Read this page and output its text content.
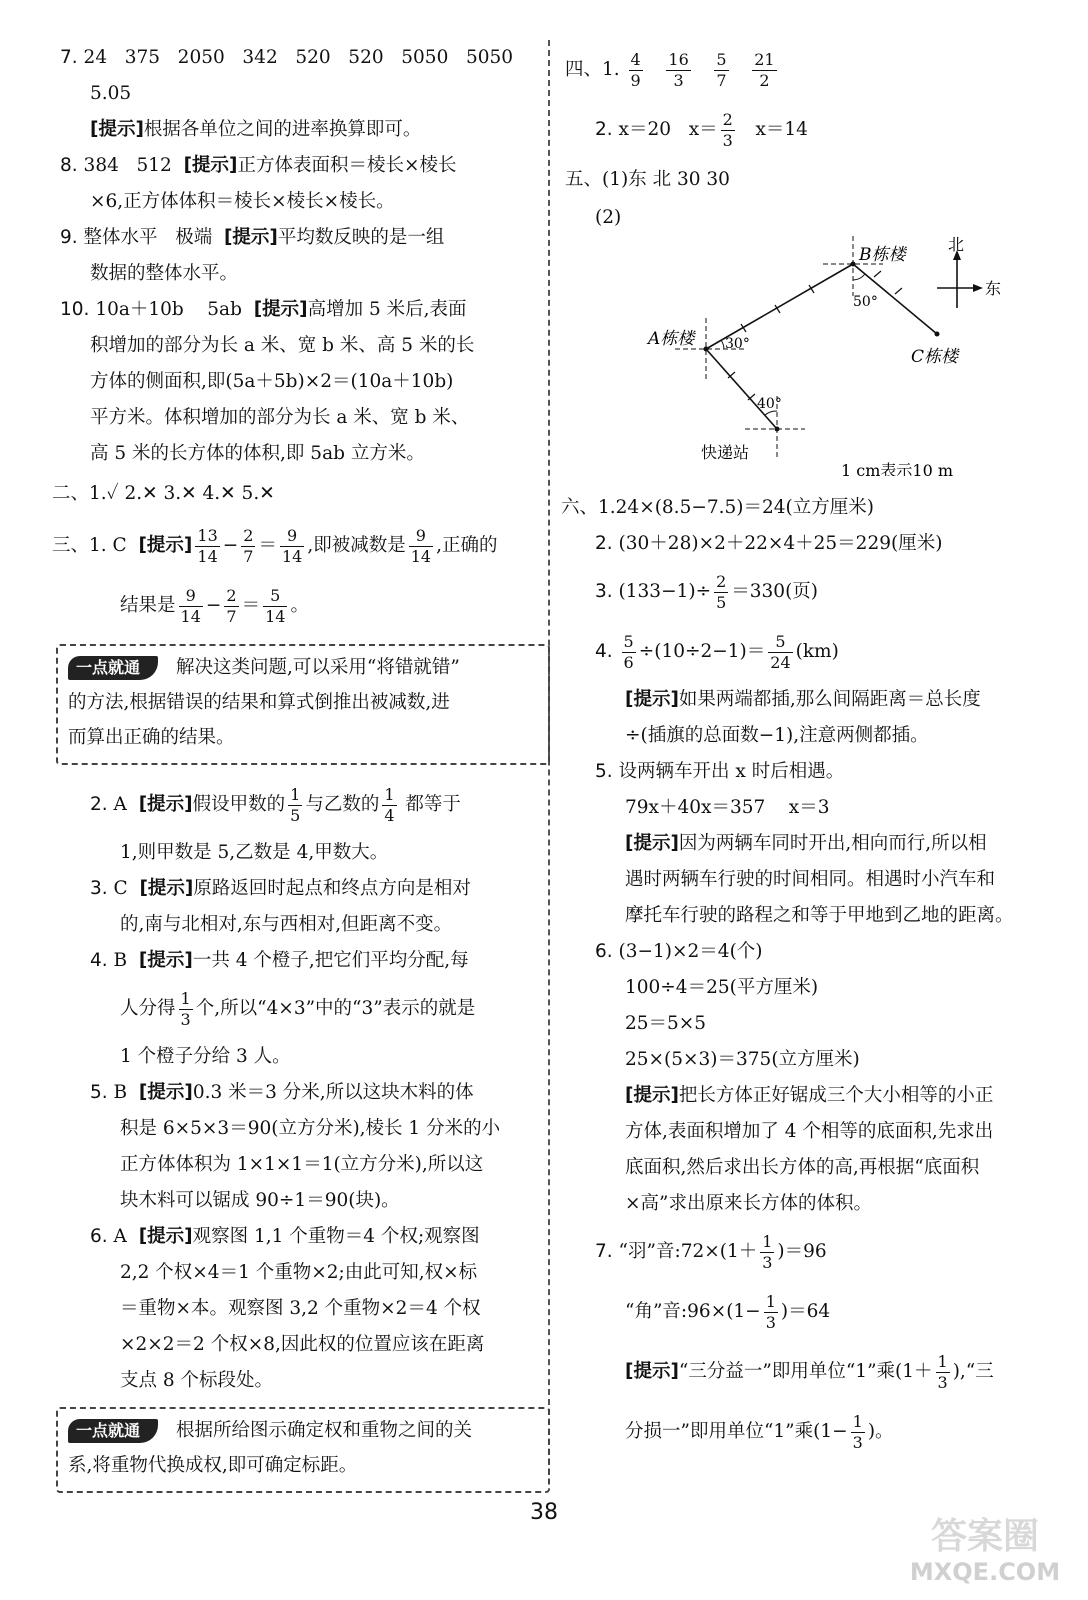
7. 24   375   2050   342   520   520   5050   5050
5.05
[提示]根据各单位之间的进率换算即可。
8. 384   512 [提示]正方体表面积＝棱长×棱长
×6,正方体体积＝棱长×棱长×棱长。
9. 整体水平   极端 [提示]平均数反映的是一组
数据的整体水平。
10. 10a＋10b    5ab [提示]高增加 5 米后,表面
积增加的部分为长 a 米、宽 b 米、高 5 米的长
方体的侧面积,即(5a＋5b)×2＝(10a＋10b)
平方米。体积增加的部分为长 a 米、宽 b 米、
高 5 米的长方体的体积,即 5ab 立方米。
二、1.✓ 2.✕ 3.✕ 4.✕ 5.✕
三、1. C [提示] $\frac{13}{14} - \frac{2}{7} = \frac{9}{14}$ ,即被减数是 $\frac{9}{14}$ ,正确的
结果是 $\frac{9}{14} - \frac{2}{7} = \frac{5}{14}$ 。
一点就通 解决这类问题,可以采用“将错就错”
的方法,根据错误的结果和算式倒推出被减数,进
而算出正确的结果。
2. A [提示]假设甲数的 $\frac{1}{5}$ 与乙数的 $\frac{1}{4}$ 都等于
1,则甲数是 5,乙数是 4,甲数大。
3. C [提示]原路返回时起点和终点方向是相对
的,南与北相对,东与西相对,但距离不变。
4. B [提示]一共 4 个橙子,把它们平均分配,每
人分得 $\frac{1}{3}$ 个,所以“4×3”中的“3”表示的就是
1 个橙子分给 3 人。
5. B [提示]0.3 米＝3 分米,所以这块木料的体
积是 6×5×3＝90(立方分米),棱长 1 分米的小
正方体体积为 1×1×1＝1(立方分米),所以这
块木料可以锯成 90÷1＝90(块)。
6. A [提示]观察图 1,1 个重物＝4 个权;观察图
2,2 个权×4＝1 个重物×2;由此可知,权×标
＝重物×本。观察图 3,2 个重物×2＝4 个权
×2×2＝2 个权×8,因此权的位置应该在距离
支点 8 个标段处。
一点就通 根据所给图示确定权和重物之间的关
系,将重物代换成权,即可确定标距。
四、1. $\frac{4}{9}$
$\frac{16}{3}$
$\frac{5}{7}$
$\frac{21}{2}$
2. x＝20 $x= \frac{2}{3} x=14$
五、(1)东 北 30 30
(2)
B栋楼
A栋楼
C栋楼
快递站
50°
30°
40°
北
东
1 cm表示10 m
六、1.24×(8.5−7.5)＝24(立方厘米)
2. (30＋28)×2＋22×4＋25＝229(厘米)
3. $(133-1)\div \frac{2}{5} =330$(页)
4. $\frac{5}{6} \div(10\div 2-1)= \frac{5}{24} (km)$
[提示]如果两端都插,那么间隔距离＝总长度
÷(插旗的总面数−1),注意两侧都插。
5. 设两辆车开出 x 时后相遇。
79x＋40x＝357    x＝3
[提示]因为两辆车同时开出,相向而行,所以相
遇时两辆车行驶的时间相同。相遇时小汽车和
摩托车行驶的路程之和等于甲地到乙地的距离。
6. (3−1)×2＝4(个)
100÷4＝25(平方厘米)
25＝5×5
25×(5×3)＝375(立方厘米)
[提示]把长方体正好锯成三个大小相等的小正
方体,表面积增加了 4 个相等的底面积,先求出
底面积,然后求出长方体的高,再根据“底面积
×高”求出原来长方体的体积。
7. “羽”音:72×(1＋ $\frac{1}{3} )=96$
“角”音:96×(1− $\frac{1}{3} )=64$
[提示]“三分益一”即用单位“1”乘($1+ \frac{1}{3}$ ),“三
分损一”即用单位“1”乘($1- \frac{1}{3}$ )。
38
答案圈
MXQE.COM
